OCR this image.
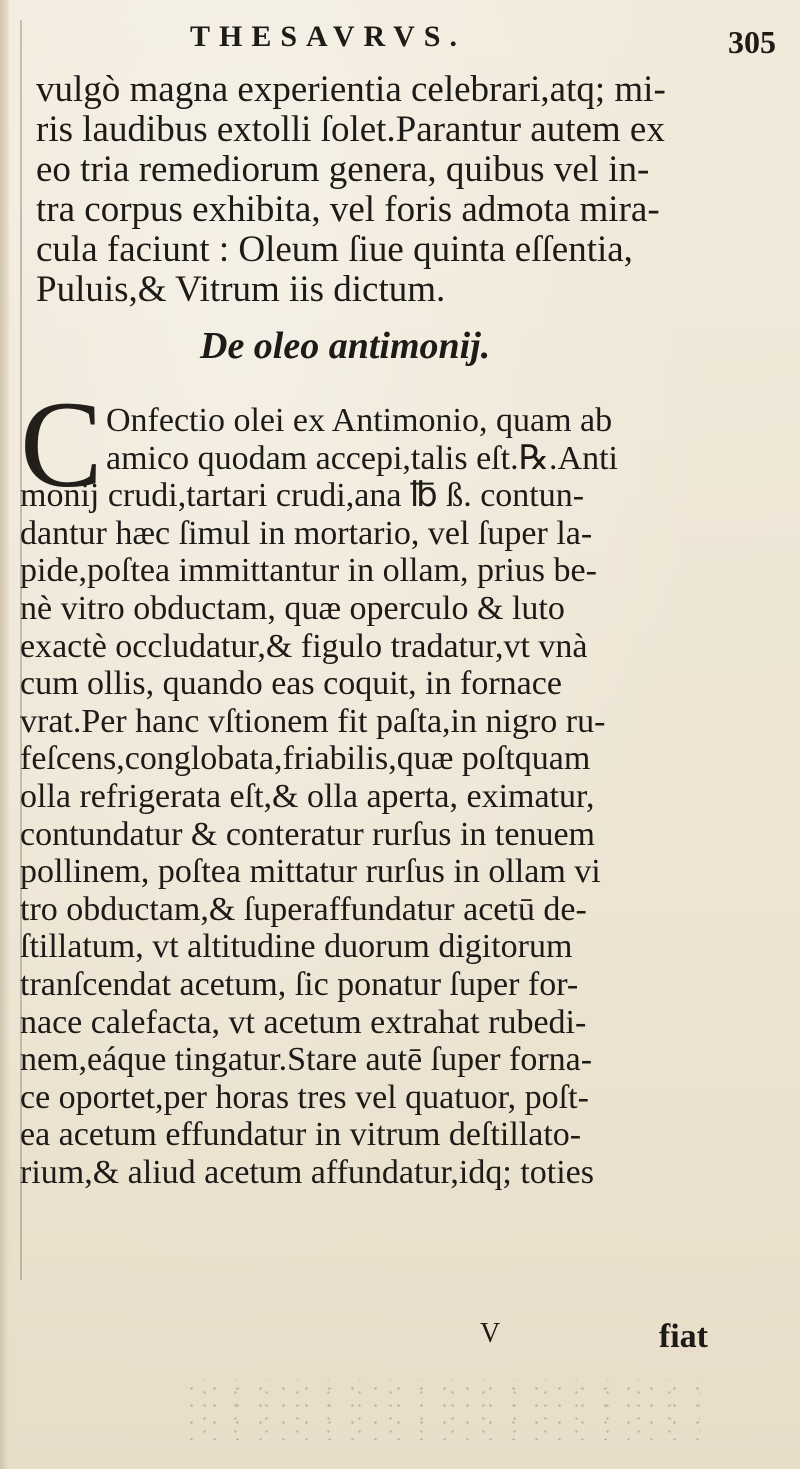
THESAVRVS.	305
vulgò magna experientia celebrari,atq; mi-
ris laudibus extolli ſolet.Parantur autem ex
eo tria remediorum genera, quibus vel in-
tra corpus exhibita, vel foris admota mira-
cula faciunt : Oleum ſiue quinta eſſentia,
Puluis,& Vitrum iis dictum.
De oleo antimonij.
C Onfectio olei ex Antimonio, quam ab
amico quodam accepi,talis eſt.℞.Anti
monij crudi,tartari crudi,ana ℔ ß. contun-
dantur hæc ſimul in mortario, vel ſuper la-
pide,poſtea immittantur in ollam, prius be-
nè vitro obductam, quæ operculo & luto
exactè occludatur,& figulo tradatur,vt vnà
cum ollis, quando eas coquit, in fornace
vrat.Per hanc vſtionem fit paſta,in nigro ru-
feſcens,conglobata,friabilis,quæ poſtquam
olla refrigerata eſt,& olla aperta, eximatur,
contundatur & conteratur rurſus in tenuem
pollinem, poſtea mittatur rurſus in ollam vi
tro obductam,& ſuperaffundatur acetū de-
ſtillatum, vt altitudine duorum digitorum
tranſcendat acetum, ſic ponatur ſuper for-
nace calefacta, vt acetum extrahat rubedi-
nem,eáque tingatur.Stare autē ſuper forna-
ce oportet,per horas tres vel quatuor, poſt-
ea acetum effundatur in vitrum deſtillato-
rium,& aliud acetum affundatur,idq; toties
V	fiat
